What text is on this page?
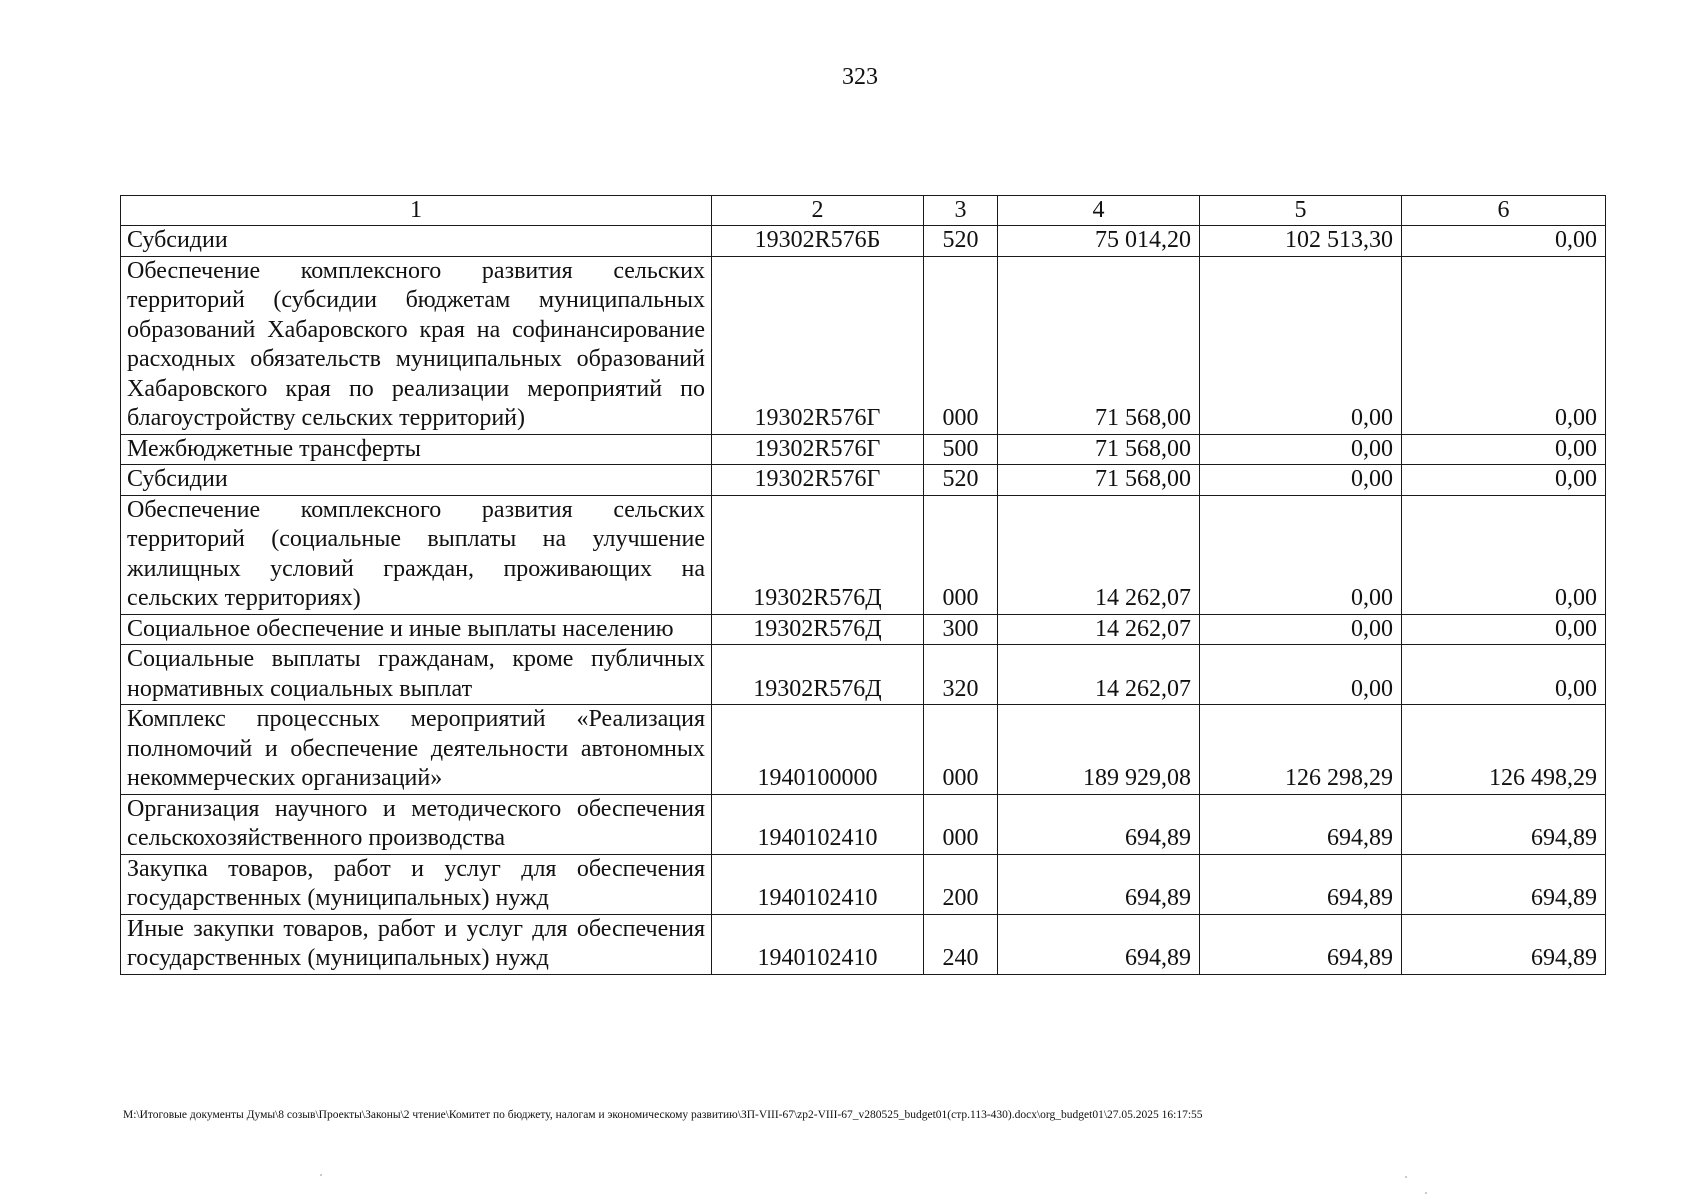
323
1	2	3	4	5	6
Субсидии	19302R576Б	520	75 014,20	102 513,30	0,00
Обеспечение комплексного развития сельских территорий (субсидии бюджетам муниципальных образований Хабаровского края на софинансирование расходных обязательств муниципальных образований Хабаровского края по реализации мероприятий по благоустройству сельских территорий)	19302R576Г	000	71 568,00	0,00	0,00
Межбюджетные трансферты	19302R576Г	500	71 568,00	0,00	0,00
Субсидии	19302R576Г	520	71 568,00	0,00	0,00
Обеспечение комплексного развития сельских территорий (социальные выплаты на улучшение жилищных условий граждан, проживающих на сельских территориях)	19302R576Д	000	14 262,07	0,00	0,00
Социальное обеспечение и иные выплаты населению	19302R576Д	300	14 262,07	0,00	0,00
Социальные выплаты гражданам, кроме публичных нормативных социальных выплат	19302R576Д	320	14 262,07	0,00	0,00
Комплекс процессных мероприятий «Реализация полномочий и обеспечение деятельности автономных некоммерческих организаций»	1940100000	000	189 929,08	126 298,29	126 498,29
Организация научного и методического обеспечения сельскохозяйственного производства	1940102410	000	694,89	694,89	694,89
Закупка товаров, работ и услуг для обеспечения государственных (муниципальных) нужд	1940102410	200	694,89	694,89	694,89
Иные закупки товаров, работ и услуг для обеспечения государственных (муниципальных) нужд	1940102410	240	694,89	694,89	694,89
М:\Итоговые документы Думы\8 созыв\Проекты\Законы\2 чтение\Комитет по бюджету, налогам и экономическому развитию\ЗП-VIII-67\zp2-VIII-67_v280525_budget01(стр.113-430).docx\org_budget01\27.05.2025 16:17:55
